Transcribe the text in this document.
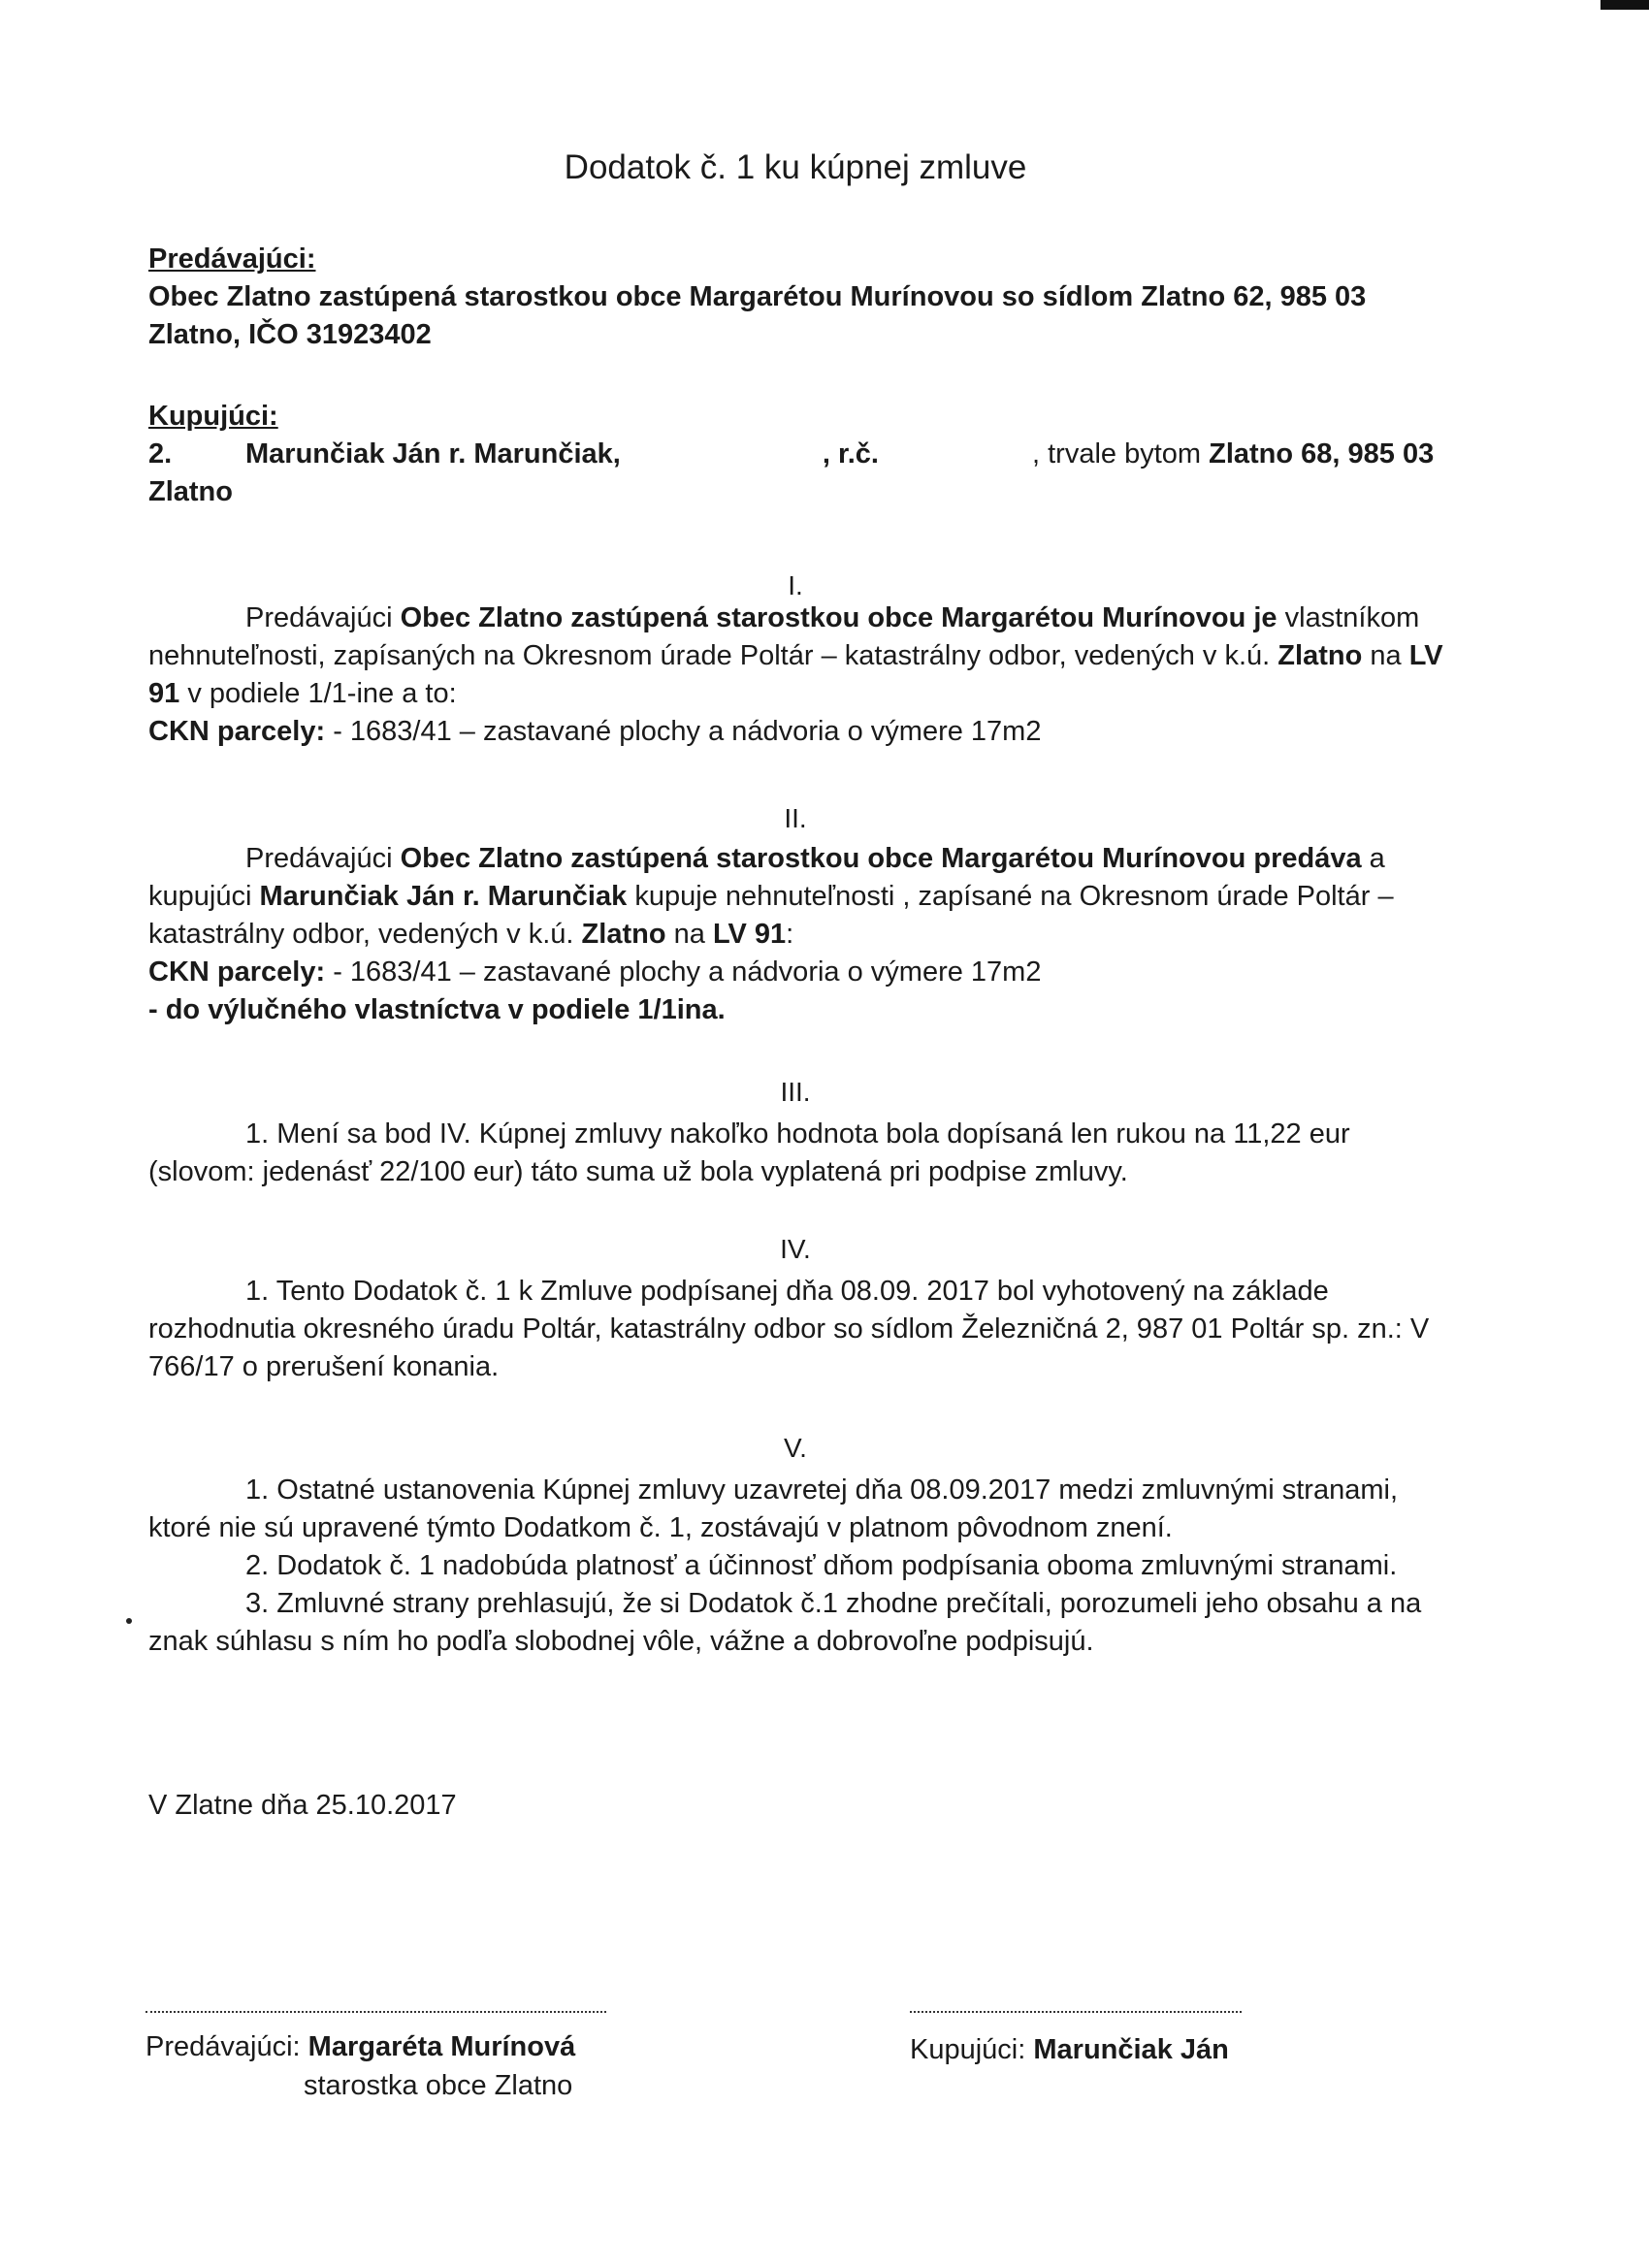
Dodatok č. 1 ku kúpnej zmluve

Predávajúci:

Obec Zlatno zastúpená starostkou obce Margarétou Murínovou so sídlom Zlatno 62, 985 03 Zlatno, IČO 31923402

Kupujúci:

2.	Marunčiak Ján r. Marunčiak,	, r.č.	, trvale bytom Zlatno 68, 985 03 Zlatno

I.

Predávajúci Obec Zlatno zastúpená starostkou obce Margarétou Murínovou je vlastníkom nehnuteľnosti, zapísaných na Okresnom úrade Poltár – katastrálny odbor, vedených v k.ú. Zlatno na LV 91 v podiele 1/1-ine a to:

CKN parcely: - 1683/41 – zastavané plochy a nádvoria o výmere 17m2

II.

Predávajúci Obec Zlatno zastúpená starostkou obce Margarétou Murínovou predáva a kupujúci Marunčiak Ján r. Marunčiak kupuje nehnuteľnosti , zapísané na Okresnom úrade Poltár – katastrálny odbor, vedených v k.ú. Zlatno na LV 91:

CKN parcely: - 1683/41 – zastavané plochy a nádvoria o výmere 17m2

- do výlučného vlastníctva v podiele 1/1ina.

III.

1. Mení sa bod IV. Kúpnej zmluvy nakoľko hodnota bola dopísaná len rukou na 11,22 eur (slovom: jedenásť 22/100 eur) táto suma už bola vyplatená pri podpise zmluvy.

IV.

1. Tento Dodatok č. 1 k Zmluve podpísanej dňa 08.09. 2017 bol vyhotovený na základe rozhodnutia okresného úradu Poltár, katastrálny odbor so sídlom Železničná 2, 987 01 Poltár sp. zn.: V 766/17 o prerušení konania.

V.

1. Ostatné ustanovenia Kúpnej zmluvy uzavretej dňa 08.09.2017 medzi zmluvnými stranami, ktoré nie sú upravené týmto Dodatkom č. 1, zostávajú v platnom pôvodnom znení.

2. Dodatok č. 1 nadobúda platnosť a účinnosť dňom podpísania oboma zmluvnými stranami.

3. Zmluvné strany prehlasujú, že si Dodatok č.1 zhodne prečítali, porozumeli jeho obsahu a na znak súhlasu s ním ho podľa slobodnej vôle, vážne a dobrovoľne podpisujú.

V Zlatne dňa 25.10.2017
Predávajúci: Margaréta Murínová
starostka obce Zlatno
Kupujúci: Marunčiak Ján
